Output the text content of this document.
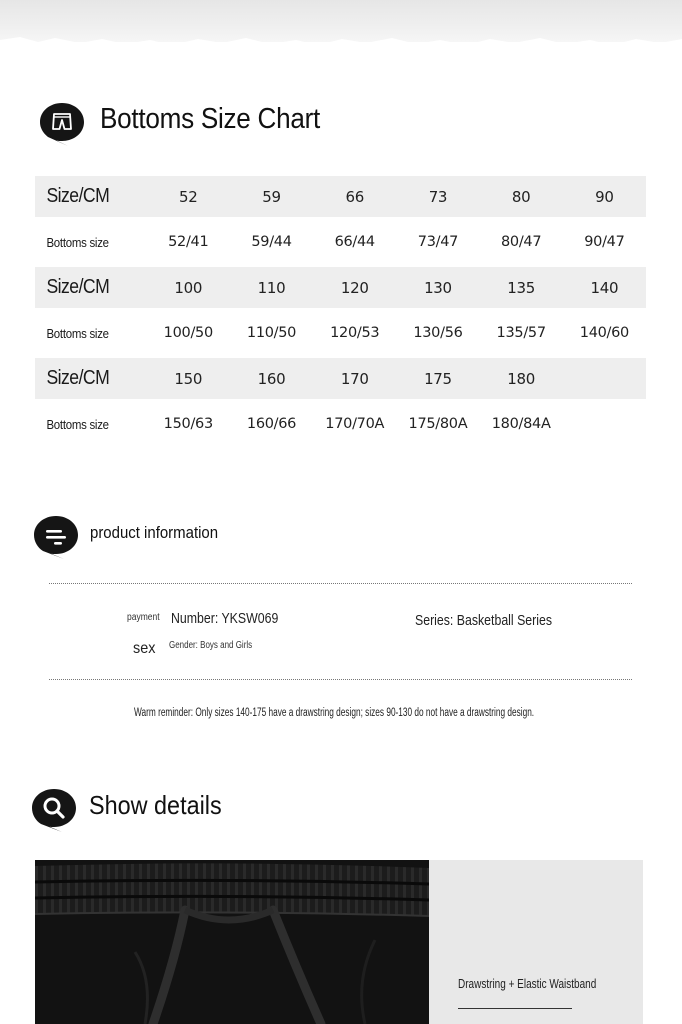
Bottoms Size Chart
Size/CM	52	59	66	73	80	90
Bottoms size	52/41	59/44	66/44	73/47	80/47	90/47
Size/CM	100	110	120	130	135	140
Bottoms size	100/50	110/50	120/53	130/56	135/57	140/60
Size/CM	150	160	170	175	180
Bottoms size	150/63	160/66	170/70A	175/80A	180/84A
product information
payment Number: YKSW069	Series: Basketball Series
sex Gender: Boys and Girls
Warm reminder: Only sizes 140-175 have a drawstring design; sizes 90-130 do not have a drawstring design.
Show details
Drawstring + Elastic Waistband
